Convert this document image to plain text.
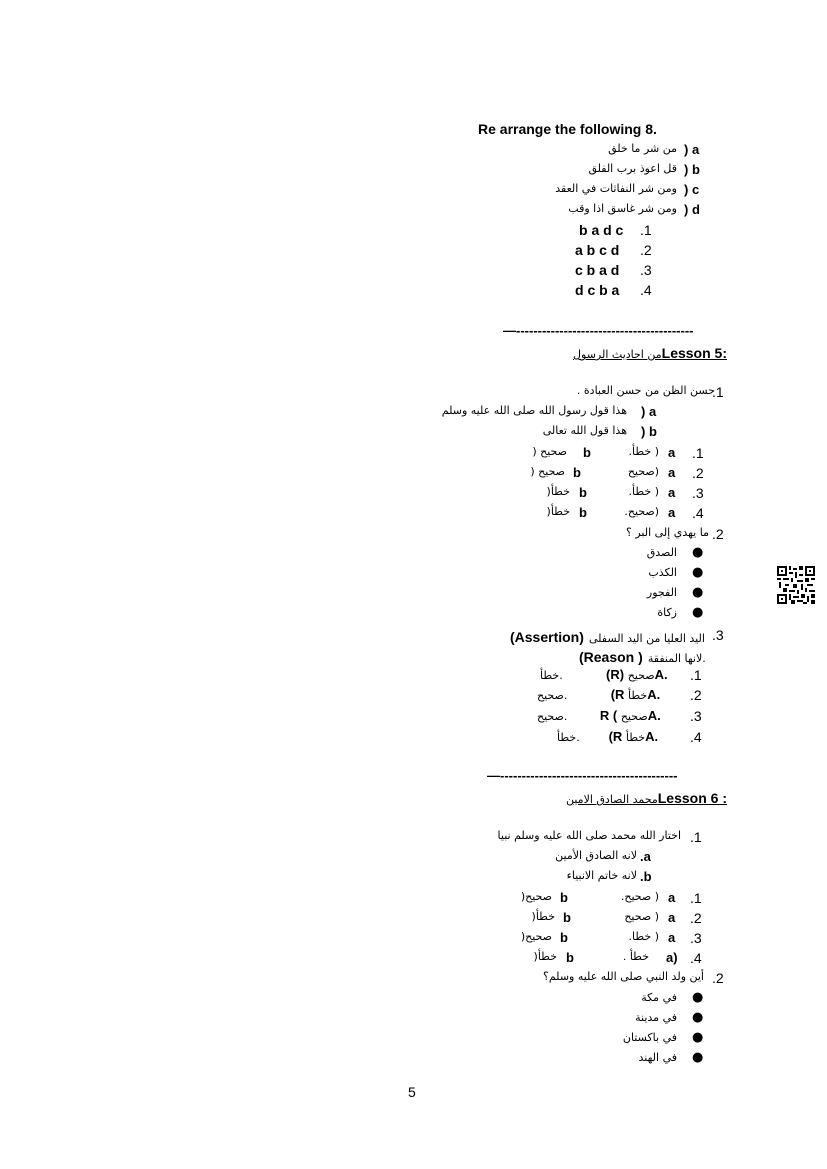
Re arrange the following 8.
من شر ما خلق ) a
قل اعوذ برب الفلق ) b
ومن شر النفاثات في العقد ) c
ومن شر غاسق اذا وقب ) d
b a d c .1
a b c d .2
c b a d .3
d c b a .4
—-----------------------------------------
من احاديث الرسولLesson 5:
حسن الظن من حسن العبادة .
.1
هذا قول رسول الله صلى الله عليه وسلم ) a
هذا قول الله تعالى ) b
.1
a
( خطأ.
b
صحيح (
.2
a
(صحيح
b
صحيح (
.3
a
( خطأ.
b
خطأ(
.4
a
(صحيح.
b
خطأ(
.2
ما يهدي إلى البر ؟
الصدق ●
الكذب ●
الفجور ●
زكاة ●
.3
(Assertion) اليد العليا من اليد السفلى
(Reason ) لانها المنفقة.
.1
خطأ.            (R) صحيحA.
.2
صحيح.            (R خطأA.
.3
صحيح.         R ( صحيحA.
.4
خطأ.        (R خطأA.
—-----------------------------------------
محمد الصادق الامينLesson 6 :
.1
اختار الله محمد صلى الله عليه وسلم نبيا
لانه الصادق الأمين .a
لانه خاتم الانبياء .b
.1
a
( صحيح.
b
صحيح(
.2
a
( صحيح
b
خطأ(
.3
a
( خطا.
b
صحيح(
.4
a)
خطأ .
b
خطأ(
.2
أين ولد النبي صلى الله عليه وسلم؟
في مكة ●
في مدينة ●
في باكستان ●
في الهند ●
5
